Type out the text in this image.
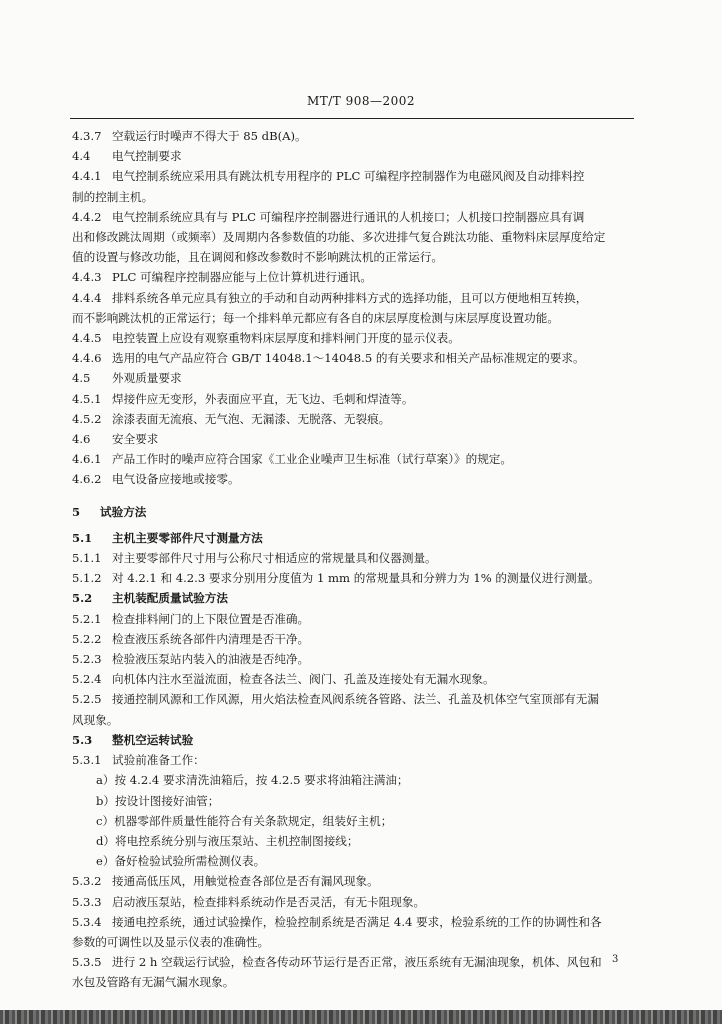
MT/T 908—2002
4.3.7 空载运行时噪声不得大于 85 dB(A)。
4.4 电气控制要求
4.4.1 电气控制系统应采用具有跳汰机专用程序的 PLC 可编程序控制器作为电磁风阀及自动排料控
制的控制主机。
4.4.2 电气控制系统应具有与 PLC 可编程序控制器进行通讯的人机接口；人机接口控制器应具有调
出和修改跳汰周期（或频率）及周期内各参数值的功能、多次进排气复合跳汰功能、重物料床层厚度给定
值的设置与修改功能，且在调阅和修改参数时不影响跳汰机的正常运行。
4.4.3 PLC 可编程序控制器应能与上位计算机进行通讯。
4.4.4 排料系统各单元应具有独立的手动和自动两种排料方式的选择功能，且可以方便地相互转换，
而不影响跳汰机的正常运行；每一个排料单元都应有各自的床层厚度检测与床层厚度设置功能。
4.4.5 电控装置上应设有观察重物料床层厚度和排料闸门开度的显示仪表。
4.4.6 选用的电气产品应符合 GB/T 14048.1～14048.5 的有关要求和相关产品标准规定的要求。
4.5 外观质量要求
4.5.1 焊接件应无变形，外表面应平直，无飞边、毛刺和焊渣等。
4.5.2 涂漆表面无流痕、无气泡、无漏漆、无脱落、无裂痕。
4.6 安全要求
4.6.1 产品工作时的噪声应符合国家《工业企业噪声卫生标准（试行草案）》的规定。
4.6.2 电气设备应接地或接零。
5 试验方法
5.1 主机主要零部件尺寸测量方法
5.1.1 对主要零部件尺寸用与公称尺寸相适应的常规量具和仪器测量。
5.1.2 对 4.2.1 和 4.2.3 要求分别用分度值为 1 mm 的常规量具和分辨力为 1% 的测量仪进行测量。
5.2 主机装配质量试验方法
5.2.1 检查排料闸门的上下限位置是否准确。
5.2.2 检查液压系统各部件内清理是否干净。
5.2.3 检验液压泵站内装入的油液是否纯净。
5.2.4 向机体内注水至溢流面，检查各法兰、阀门、孔盖及连接处有无漏水现象。
5.2.5 接通控制风源和工作风源，用火焰法检查风阀系统各管路、法兰、孔盖及机体空气室顶部有无漏
风现象。
5.3 整机空运转试验
5.3.1 试验前准备工作：
a）按 4.2.4 要求清洗油箱后，按 4.2.5 要求将油箱注满油；
b）按设计图接好油管；
c）机器零部件质量性能符合有关条款规定，组装好主机；
d）将电控系统分别与液压泵站、主机控制图接线；
e）备好检验试验所需检测仪表。
5.3.2 接通高低压风，用触觉检查各部位是否有漏风现象。
5.3.3 启动液压泵站，检查排料系统动作是否灵活，有无卡阻现象。
5.3.4 接通电控系统，通过试验操作，检验控制系统是否满足 4.4 要求，检验系统的工作的协调性和各
参数的可调性以及显示仪表的准确性。
5.3.5 进行 2 h 空载运行试验，检查各传动环节运行是否正常，液压系统有无漏油现象，机体、风包和
水包及管路有无漏气漏水现象。
3
